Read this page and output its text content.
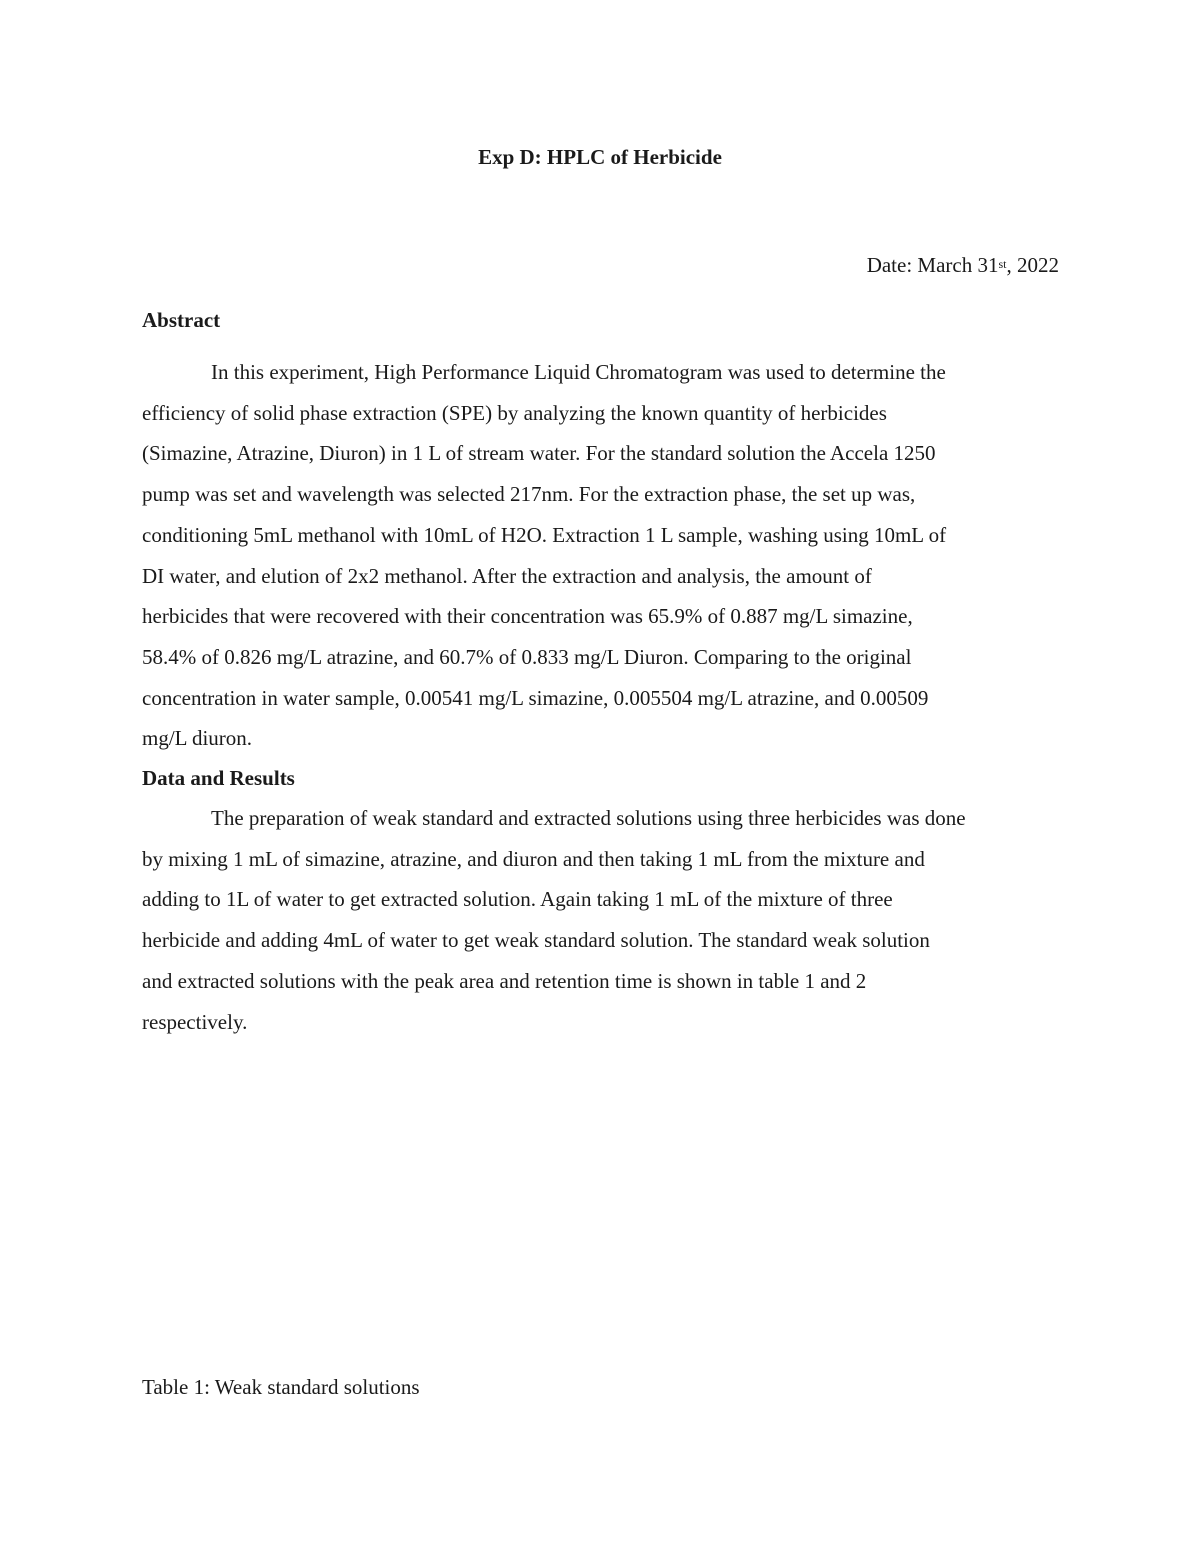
Exp D: HPLC of Herbicide
Date: March 31st, 2022
Abstract
In this experiment, High Performance Liquid Chromatogram was used to determine the
efficiency of solid phase extraction (SPE) by analyzing the known quantity of herbicides
(Simazine, Atrazine, Diuron) in 1 L of stream water. For the standard solution the Accela 1250
pump was set and wavelength was selected 217nm. For the extraction phase, the set up was,
conditioning 5mL methanol with 10mL of H2O. Extraction 1 L sample, washing using 10mL of
DI water, and elution of 2x2 methanol. After the extraction and analysis, the amount of
herbicides that were recovered with their concentration was 65.9% of 0.887 mg/L simazine,
58.4% of 0.826 mg/L atrazine, and 60.7% of 0.833 mg/L Diuron. Comparing to the original
concentration in water sample, 0.00541 mg/L simazine, 0.005504 mg/L atrazine, and 0.00509
mg/L diuron.
Data and Results
The preparation of weak standard and extracted solutions using three herbicides was done
by mixing 1 mL of simazine, atrazine, and diuron and then taking 1 mL from the mixture and
adding to 1L of water to get extracted solution. Again taking 1 mL of the mixture of three
herbicide and adding 4mL of water to get weak standard solution. The standard weak solution
and extracted solutions with the peak area and retention time is shown in table 1 and 2
respectively.
Table 1: Weak standard solutions
